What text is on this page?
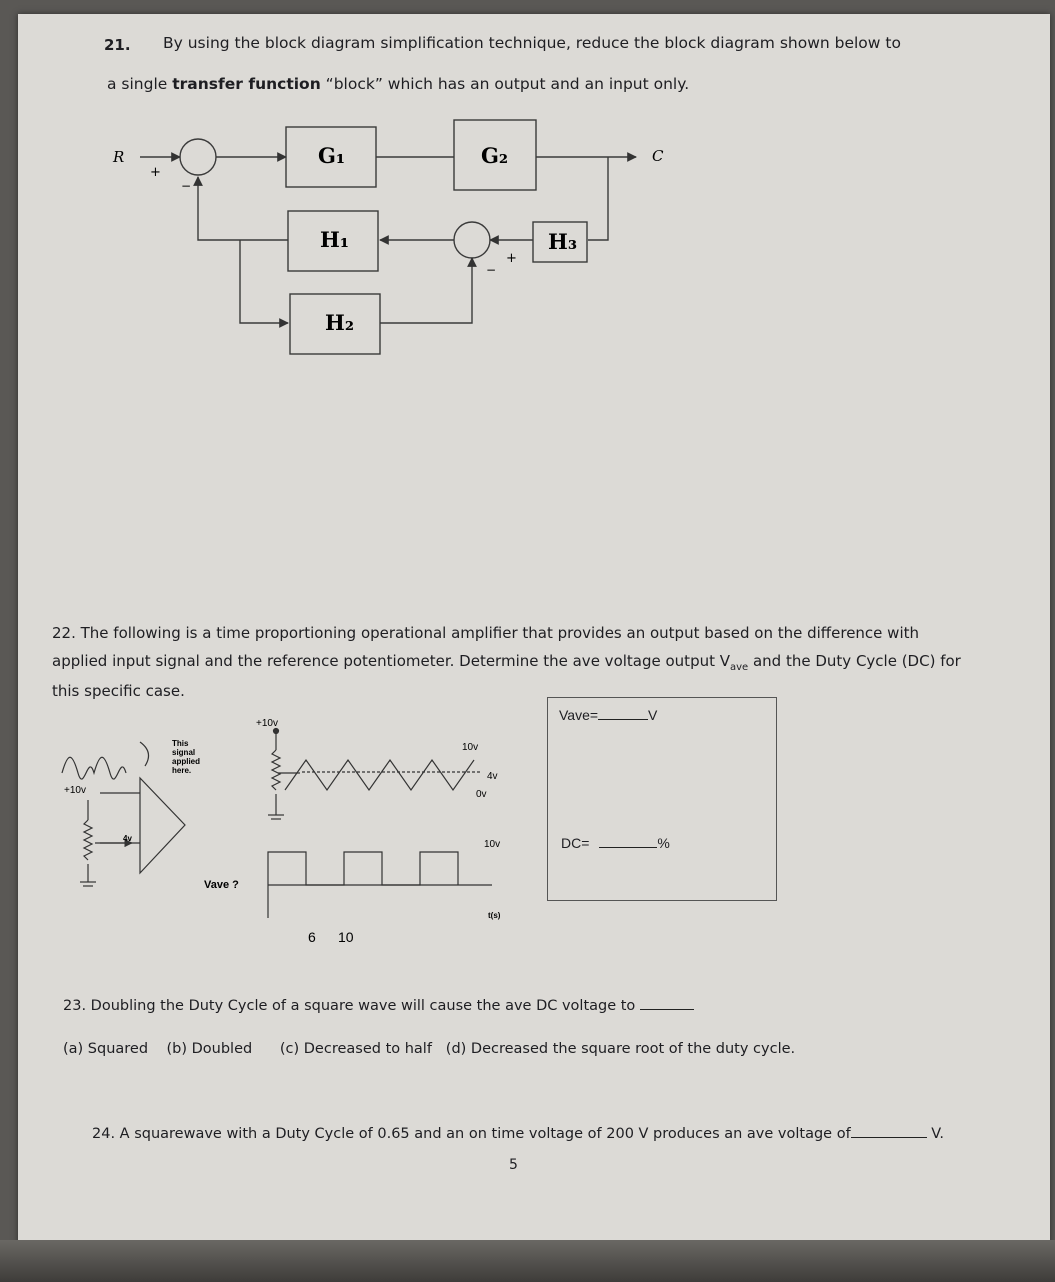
21. By using the block diagram simplification technique, reduce the block diagram shown below to
a single transfer function “block” which has an output and an input only.
R	C
+
−
+
−
G₁	G₂
H₁
H₂
H₃
22. The following is a time proportioning operational amplifier that provides an output based on the difference with
applied input signal and the reference potentiometer. Determine the ave voltage output $V_{ave}$ and the Duty Cycle (DC) for
this specific case.
+10v
+10v
4v
This
signal
applied
here.
Vave ?
10v
4v
0v
10v
t(s)
6 10
Vave=	V
DC=	%
23. Doubling the Duty Cycle of a square wave will cause the ave DC voltage to
(a) Squared (b) Doubled (c) Decreased to half (d) Decreased the square root of the duty cycle.
24. A squarewave with a Duty Cycle of 0.65 and an on time voltage of 200 V produces an ave voltage of	V.
5
